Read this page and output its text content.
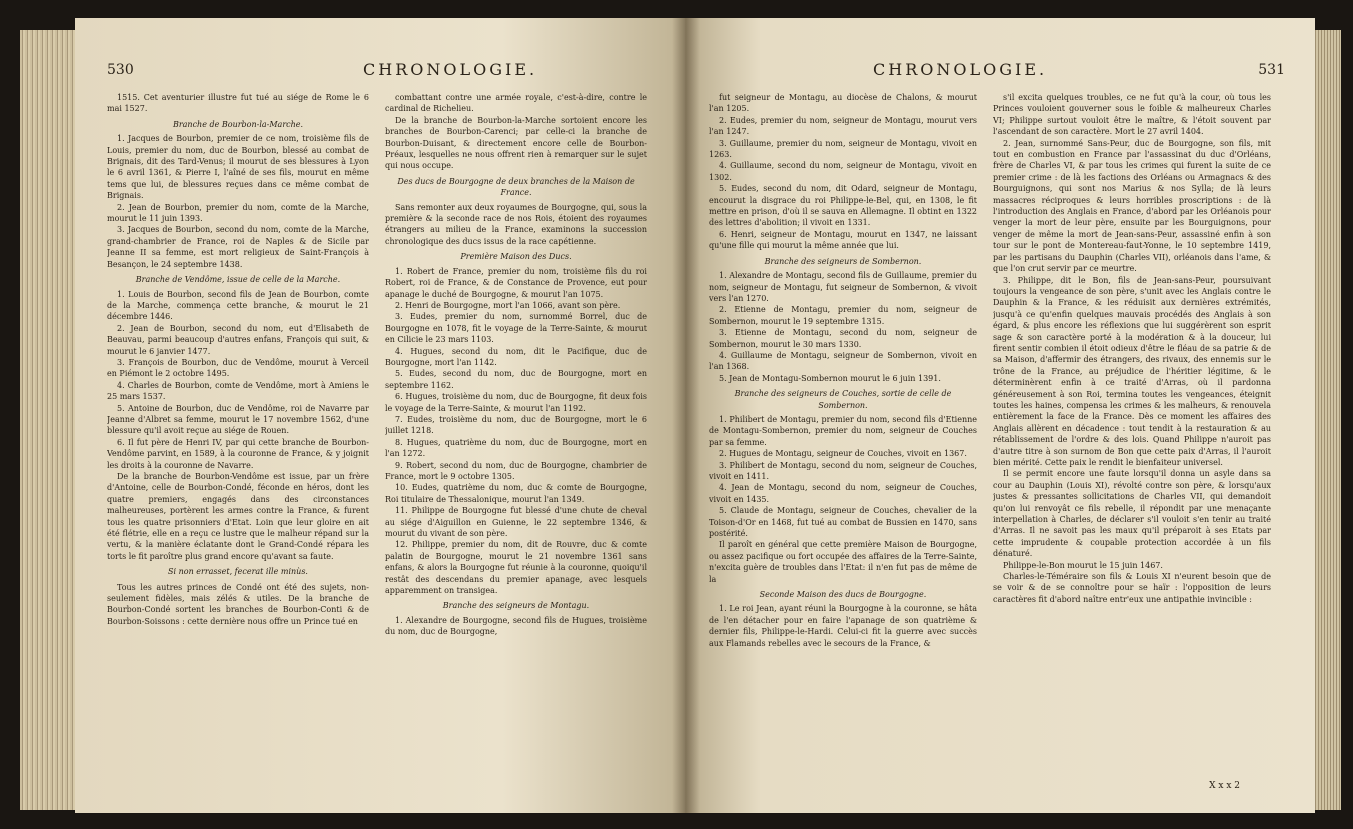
530	CHRONOLOGIE.

1515. Cet aventurier illustre fut tué au siége de Rome le 6 mai 1527.

Branche de Bourbon-la-Marche.

1. Jacques de Bourbon, premier de ce nom, troisième fils de Louis, premier du nom, duc de Bourbon, blessé au combat de Brignais, dit des Tard-Venus; il mourut de ses blessures à Lyon le 6 avril 1361, & Pierre I, l'aîné de ses fils, mourut en même tems que lui, de blessures reçues dans ce même combat de Brignais.

2. Jean de Bourbon, premier du nom, comte de la Marche, mourut le 11 juin 1393.

3. Jacques de Bourbon, second du nom, comte de la Marche, grand-chambrier de France, roi de Naples & de Sicile par Jeanne II sa femme, est mort religieux de Saint-François à Besançon, le 24 septembre 1438.

Branche de Vendôme, issue de celle de la Marche.

1. Louis de Bourbon, second fils de Jean de Bourbon, comte de la Marche, commença cette branche, & mourut le 21 décembre 1446.

2. Jean de Bourbon, second du nom, eut d'Elisabeth de Beauvau, parmi beaucoup d'autres enfans, François qui suit, & mourut le 6 janvier 1477.

3. François de Bourbon, duc de Vendôme, mourut à Verceil en Piémont le 2 octobre 1495.

4. Charles de Bourbon, comte de Vendôme, mort à Amiens le 25 mars 1537.

5. Antoine de Bourbon, duc de Vendôme, roi de Navarre par Jeanne d'Albret sa femme, mourut le 17 novembre 1562, d'une blessure qu'il avoit reçue au siége de Rouen.

6. Il fut père de Henri IV, par qui cette branche de Bourbon-Vendôme parvint, en 1589, à la couronne de France, & y joignit les droits à la couronne de Navarre.

De la branche de Bourbon-Vendôme est issue, par un frère d'Antoine, celle de Bourbon-Condé, féconde en héros, dont les quatre premiers, engagés dans des circonstances malheureuses, portèrent les armes contre la France, & furent tous les quatre prisonniers d'Etat. Loin que leur gloire en ait été flétrie, elle en a reçu ce lustre que le malheur répand sur la vertu, & la manière éclatante dont le Grand-Condé répara les torts le fit paroître plus grand encore qu'avant sa faute.

Si non errasset, fecerat ille minùs.

Tous les autres princes de Condé ont été des sujets, non-seulement fidèles, mais zélés & utiles. De la branche de Bourbon-Condé sortent les branches de Bourbon-Conti & de Bourbon-Soissons : cette dernière nous offre un Prince tué en

combattant contre une armée royale, c'est-à-dire, contre le cardinal de Richelieu.

De la branche de Bourbon-la-Marche sortoient encore les branches de Bourbon-Carenci; par celle-ci la branche de Bourbon-Duisant, & directement encore celle de Bourbon-Préaux, lesquelles ne nous offrent rien à remarquer sur le sujet qui nous occupe.

Des ducs de Bourgogne de deux branches de la Maison de France.

Sans remonter aux deux royaumes de Bourgogne, qui, sous la première & la seconde race de nos Rois, étoient des royaumes étrangers au milieu de la France, examinons la succession chronologique des ducs issus de la race capétienne.

Première Maison des Ducs.

1. Robert de France, premier du nom, troisième fils du roi Robert, roi de France, & de Constance de Provence, eut pour apanage le duché de Bourgogne, & mourut l'an 1075.

2. Henri de Bourgogne, mort l'an 1066, avant son père.

3. Eudes, premier du nom, surnommé Borrel, duc de Bourgogne en 1078, fit le voyage de la Terre-Sainte, & mourut en Cilicie le 23 mars 1103.

4. Hugues, second du nom, dit le Pacifique, duc de Bourgogne, mort l'an 1142.

5. Eudes, second du nom, duc de Bourgogne, mort en septembre 1162.

6. Hugues, troisième du nom, duc de Bourgogne, fit deux fois le voyage de la Terre-Sainte, & mourut l'an 1192.

7. Eudes, troisième du nom, duc de Bourgogne, mort le 6 juillet 1218.

8. Hugues, quatrième du nom, duc de Bourgogne, mort en l'an 1272.

9. Robert, second du nom, duc de Bourgogne, chambrier de France, mort le 9 octobre 1305.

10. Eudes, quatrième du nom, duc & comte de Bourgogne, Roi titulaire de Thessalonique, mourut l'an 1349.

11. Philippe de Bourgogne fut blessé d'une chute de cheval au siége d'Aiguillon en Guienne, le 22 septembre 1346, & mourut du vivant de son père.

12. Philippe, premier du nom, dit de Rouvre, duc & comte palatin de Bourgogne, mourut le 21 novembre 1361 sans enfans, & alors la Bourgogne fut réunie à la couronne, quoiqu'il restât des descendans du premier apanage, avec lesquels apparemment on transigea.

Branche des seigneurs de Montagu.

1. Alexandre de Bourgogne, second fils de Hugues, troisième du nom, duc de Bourgogne,

CHRONOLOGIE.	531

fut seigneur de Montagu, au diocèse de Chalons, & mourut l'an 1205.

2. Eudes, premier du nom, seigneur de Montagu, mourut vers l'an 1247.

3. Guillaume, premier du nom, seigneur de Montagu, vivoit en 1263.

4. Guillaume, second du nom, seigneur de Montagu, vivoit en 1302.

5. Eudes, second du nom, dit Odard, seigneur de Montagu, encourut la disgrace du roi Philippe-le-Bel, qui, en 1308, le fit mettre en prison, d'où il se sauva en Allemagne. Il obtint en 1322 des lettres d'abolition; il vivoit en 1331.

6. Henri, seigneur de Montagu, mourut en 1347, ne laissant qu'une fille qui mourut la même année que lui.

Branche des seigneurs de Sombernon.

1. Alexandre de Montagu, second fils de Guillaume, premier du nom, seigneur de Montagu, fut seigneur de Sombernon, & vivoit vers l'an 1270.

2. Etienne de Montagu, premier du nom, seigneur de Sombernon, mourut le 19 septembre 1315.

3. Etienne de Montagu, second du nom, seigneur de Sombernon, mourut le 30 mars 1330.

4. Guillaume de Montagu, seigneur de Sombernon, vivoit en l'an 1368.

5. Jean de Montagu-Sombernon mourut le 6 juin 1391.

Branche des seigneurs de Couches, sortie de celle de Sombernon.

1. Philibert de Montagu, premier du nom, second fils d'Etienne de Montagu-Sombernon, premier du nom, seigneur de Couches par sa femme.

2. Hugues de Montagu, seigneur de Couches, vivoit en 1367.

3. Philibert de Montagu, second du nom, seigneur de Couches, vivoit en 1411.

4. Jean de Montagu, second du nom, seigneur de Couches, vivoit en 1435.

5. Claude de Montagu, seigneur de Couches, chevalier de la Toison-d'Or en 1468, fut tué au combat de Bussien en 1470, sans postérité.

Il paroît en général que cette première Maison de Bourgogne, ou assez pacifique ou fort occupée des affaires de la Terre-Sainte, n'excita guère de troubles dans l'Etat: il n'en fut pas de même de la

Seconde Maison des ducs de Bourgogne.

1. Le roi Jean, ayant réuni la Bourgogne à la couronne, se hâta de l'en détacher pour en faire l'apanage de son quatrième & dernier fils, Philippe-le-Hardi. Celui-ci fit la guerre avec succès aux Flamands rebelles avec le secours de la France, &

s'il excita quelques troubles, ce ne fut qu'à la cour, où tous les Princes vouloient gouverner sous le foible & malheureux Charles VI; Philippe surtout vouloit être le maître, & l'étoit souvent par l'ascendant de son caractère. Mort le 27 avril 1404.

2. Jean, surnommé Sans-Peur, duc de Bourgogne, son fils, mit tout en combustion en France par l'assassinat du duc d'Orléans, frère de Charles VI, & par tous les crimes qui furent la suite de ce premier crime : de là les factions des Orléans ou Armagnacs & des Bourguignons, qui sont nos Marius & nos Sylla; de là leurs massacres réciproques & leurs horribles proscriptions : de là l'introduction des Anglais en France, d'abord par les Orléanois pour venger la mort de leur père, ensuite par les Bourguignons, pour venger de même la mort de Jean-sans-Peur, assassiné enfin à son tour sur le pont de Montereau-faut-Yonne, le 10 septembre 1419, par les partisans du Dauphin (Charles VII), orléanois dans l'ame, & que l'on crut servir par ce meurtre.

3. Philippe, dit le Bon, fils de Jean-sans-Peur, poursuivant toujours la vengeance de son père, s'unit avec les Anglais contre le Dauphin & la France, & les réduisit aux dernières extrémités, jusqu'à ce qu'enfin quelques mauvais procédés des Anglais à son égard, & plus encore les réflexions que lui suggérèrent son esprit sage & son caractère porté à la modération & à la douceur, lui firent sentir combien il étoit odieux d'être le fléau de sa patrie & de sa Maison, d'affermir des étrangers, des rivaux, des ennemis sur le trône de la France, au préjudice de l'héritier légitime, & le déterminèrent enfin à ce traité d'Arras, où il pardonna généreusement à son Roi, termina toutes les vengeances, éteignit toutes les haines, compensa les crimes & les malheurs, & renouvela entièrement la face de la France. Dès ce moment les affaires des Anglais allèrent en décadence : tout tendit à la restauration & au rétablissement de l'ordre & des lois. Quand Philippe n'auroit pas d'autre titre à son surnom de Bon que cette paix d'Arras, il l'auroit bien mérité. Cette paix le rendit le bienfaiteur universel.

Il se permit encore une faute lorsqu'il donna un asyle dans sa cour au Dauphin (Louis XI), révolté contre son père, & lorsqu'aux justes & pressantes sollicitations de Charles VII, qui demandoit qu'on lui renvoyât ce fils rebelle, il répondit par une menaçante interpellation à Charles, de déclarer s'il vouloit s'en tenir au traité d'Arras. Il ne savoit pas les maux qu'il préparoit à ses Etats par cette imprudente & coupable protection accordée à un fils dénaturé.

Philippe-le-Bon mourut le 15 juin 1467.

Charles-le-Téméraire son fils & Louis XI n'eurent besoin que de se voir & de se connoître pour se haïr : l'opposition de leurs caractères fit d'abord naître entr'eux une antipathie invincible :

X x x 2
